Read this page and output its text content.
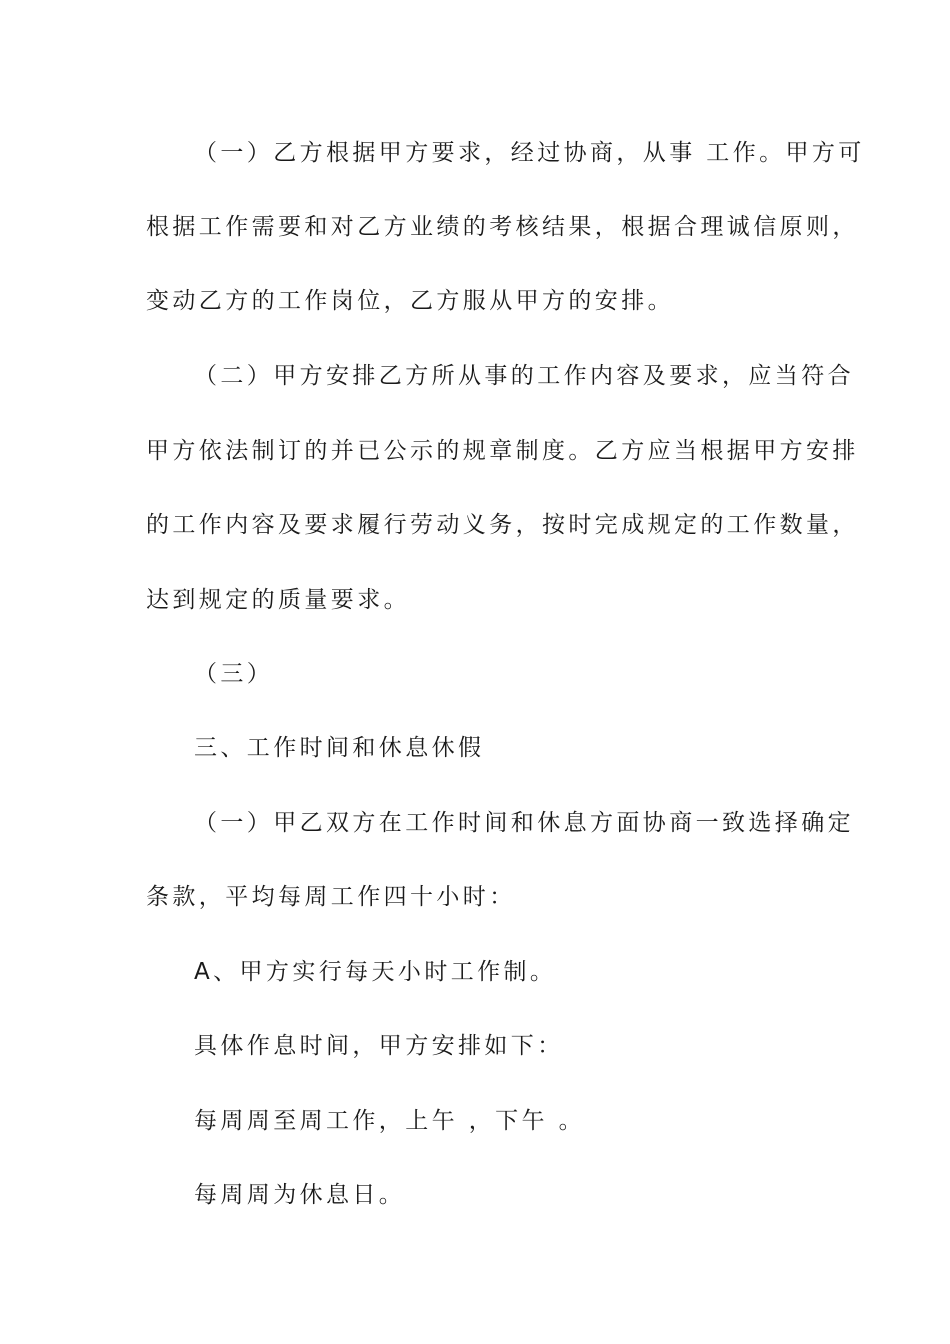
（一）乙方根据甲方要求，经过协商，从事 工作。甲方可

根据工作需要和对乙方业绩的考核结果，根据合理诚信原则，

变动乙方的工作岗位，乙方服从甲方的安排。

（二）甲方安排乙方所从事的工作内容及要求，应当符合

甲方依法制订的并已公示的规章制度。乙方应当根据甲方安排

的工作内容及要求履行劳动义务，按时完成规定的工作数量，

达到规定的质量要求。

（三）

三、工作时间和休息休假

（一）甲乙双方在工作时间和休息方面协商一致选择确定

条款，平均每周工作四十小时：

A、甲方实行每天小时工作制。

具体作息时间，甲方安排如下：

每周周至周工作，上午 ，下午 。

每周周为休息日。
